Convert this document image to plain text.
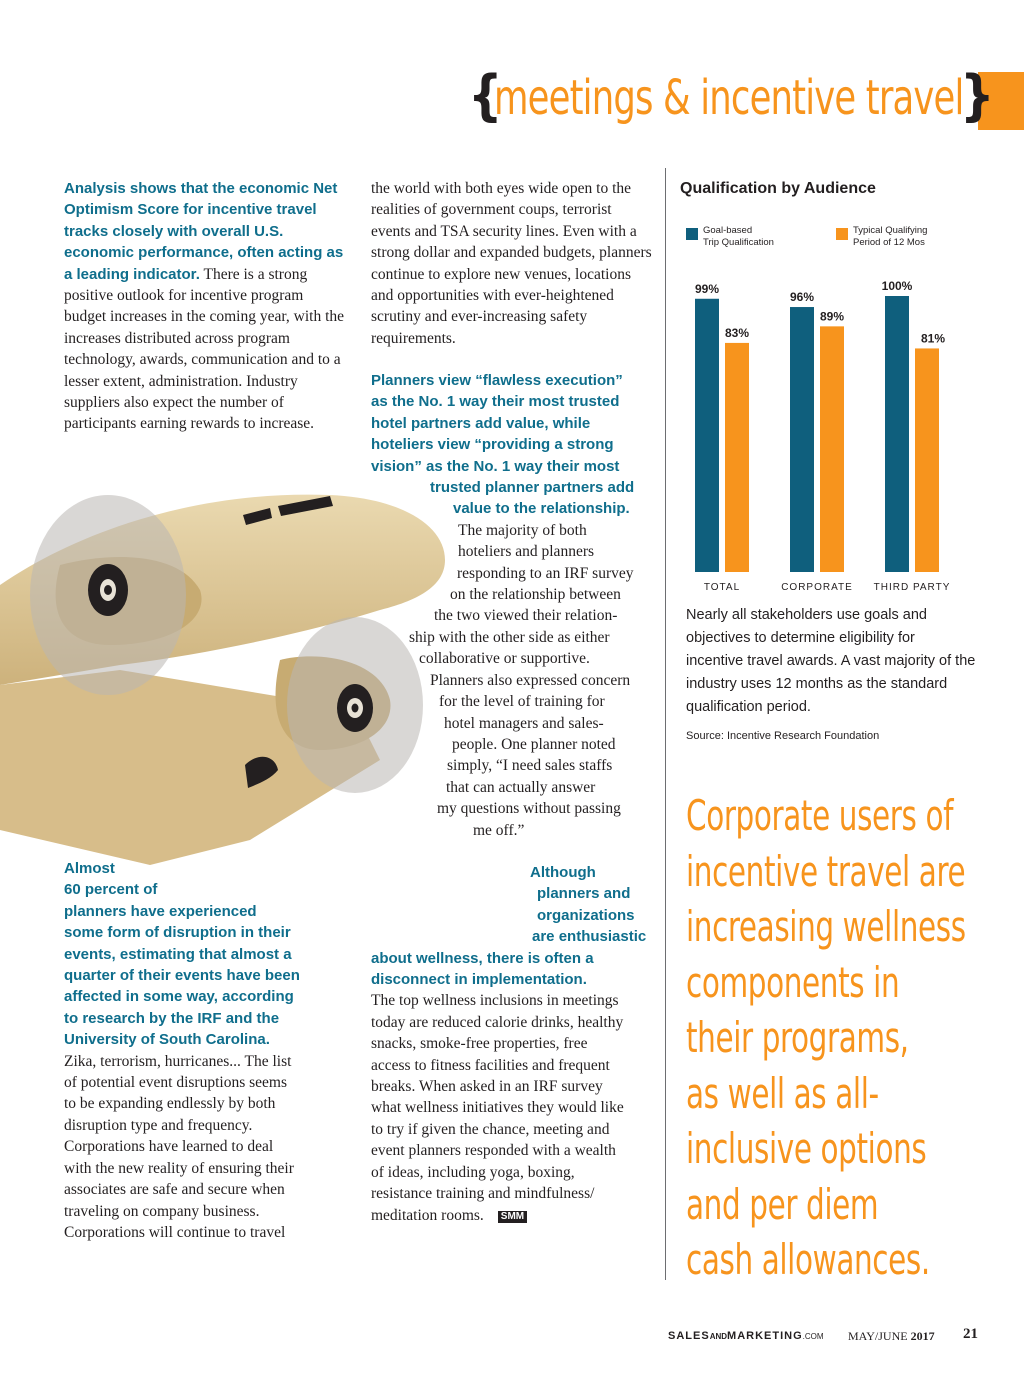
{
meetings & incentive travel
}

Analysis shows that the economic Net Optimism Score for incentive travel tracks closely with overall U.S. economic performance, often acting as a leading indicator. There is a strong positive outlook for incentive program budget increases in the coming year, with the increases distributed across program technology, awards, communication and to a lesser extent, administration. Industry suppliers also expect the number of participants earning rewards to increase.

the world with both eyes wide open to the realities of government coups, terrorist events and TSA security lines. Even with a strong dollar and expanded budgets, planners continue to explore new venues, locations and opportunities with ever-heightened scrutiny and ever-increasing safety requirements.

Planners view “flawless execution”
as the No. 1 way their most trusted
hotel partners add value, while
hoteliers view “providing a strong
vision” as the No. 1 way their most
trusted planner partners add
value to the relationship.
The majority of both
hoteliers and planners
responding to an IRF survey
on the relationship between
the two viewed their relation-
ship with the other side as either
collaborative or supportive.
Planners also expressed concern
for the level of training for
hotel managers and sales-
people. One planner noted
simply, “I need sales staffs
that can actually answer
my questions without passing
me off.”
Almost
60 percent of
planners have experienced
some form of disruption in their
events, estimating that almost a
quarter of their events have been
affected in some way, according
to research by the IRF and the
University of South Carolina.
Zika, terrorism, hurricanes... The list
of potential event disruptions seems
to be expanding endlessly by both
disruption type and frequency.
Corporations have learned to deal
with the new reality of ensuring their
associates are safe and secure when
traveling on company business.
Corporations will continue to travel
Although
planners and
organizations
are enthusiastic
about wellness, there is often a
disconnect in implementation.
The top wellness inclusions in meetings
today are reduced calorie drinks, healthy
snacks, smoke-free properties, free
access to fitness facilities and frequent
breaks. When asked in an IRF survey
what wellness initiatives they would like
to try if given the chance, meeting and
event planners responded with a wealth
of ideas, including yoga, boxing,
resistance training and mindfulness/
meditation rooms. SMM
Qualification by Audience
Goal-based
Trip Qualification
Typical Qualifying
Period of 12 Mos
99%
83%
TOTAL
96%
89%
CORPORATE
100%
81%
THIRD PARTY
Nearly all stakeholders use goals and objectives to determine eligibility for incentive travel awards. A vast majority of the industry uses 12 months as the standard qualification period.
Source: Incentive Research Foundation
Corporate users of
incentive travel are
increasing wellness
components in
their programs,
as well as all-
inclusive options
and per diem
cash allowances.
SALESANDMARKETING.COM MAY/JUNE 2017 21
